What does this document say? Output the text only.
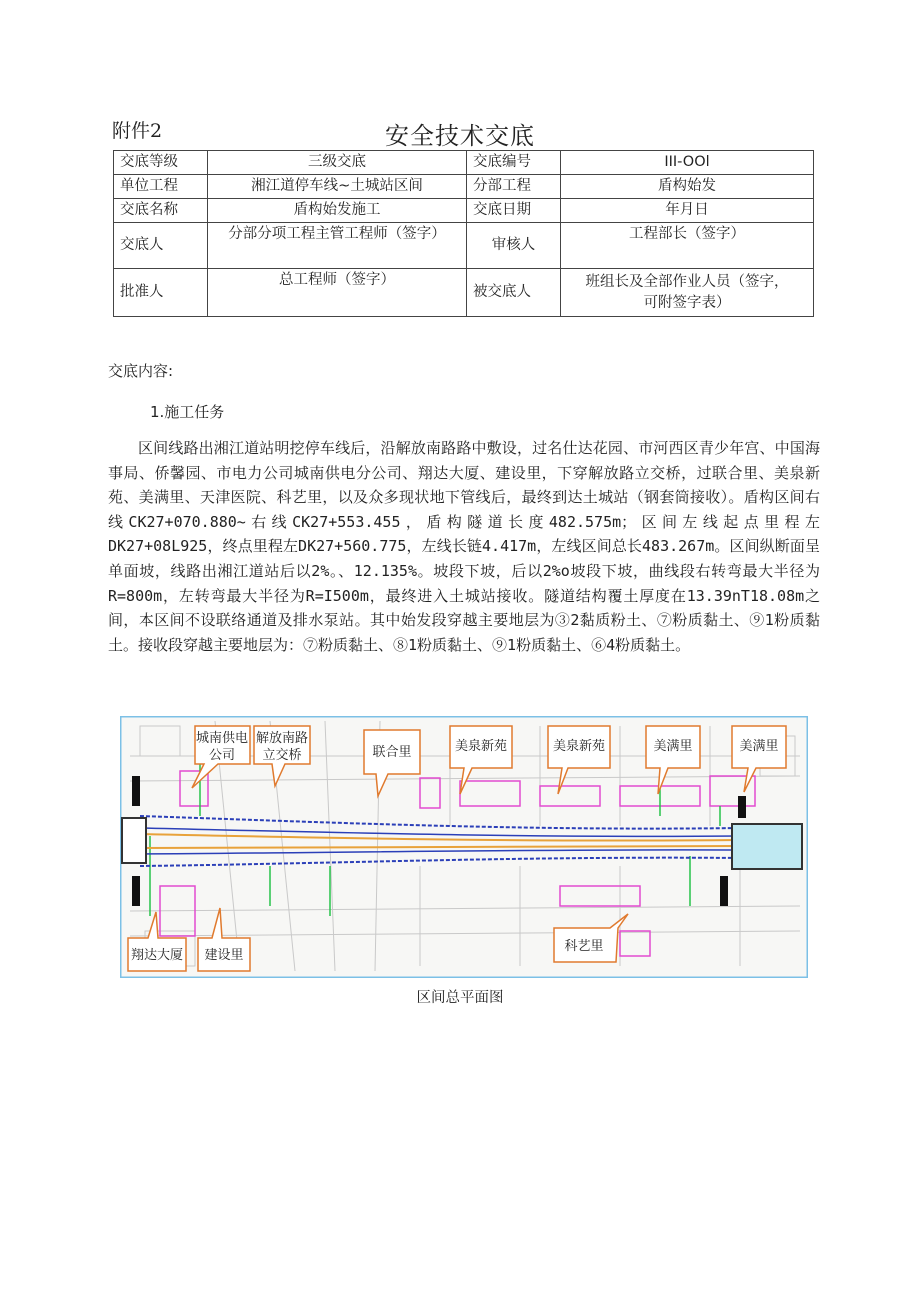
附件2	安全技术交底
交底等级	三级交底	交底编号	III-OOl
单位工程	湘江道停车线~土城站区间	分部工程	盾构始发
交底名称	盾构始发施工	交底日期	年月日
交底人	分部分项工程主管工程师（签字）	审核人	工程部长（签字）
批准人	总工程师（签字）	被交底人	班组长及全部作业人员（签字，
可附签字表）
交底内容:
1.施工任务

区间线路出湘江道站明挖停车线后，沿解放南路路中敷设，过名仕达花园、市河西区青少年宫、中国海事局、侨馨园、市电力公司城南供电分公司、翔达大厦、建设里，下穿解放路立交桥，过联合里、美泉新苑、美满里、天津医院、科艺里，以及众多现状地下管线后，最终到达土城站（钢套筒接收）。盾构区间右线CK27+070.880~右线CK27+553.455，盾构隧道长度482.575m；区间左线起点里程左DK27+08L925，终点里程左DK27+560.775，左线长链4.417m，左线区间总长483.267m。区间纵断面呈单面坡，线路出湘江道站后以2%。、12.135%。坡段下坡，后以2%o坡段下坡，曲线段右转弯最大半径为R=800m，左转弯最大半径为R=I500m，最终进入土城站接收。隧道结构覆土厚度在13.39nT18.08m之间，本区间不设联络通道及排水泵站。其中始发段穿越主要地层为③2黏质粉土、⑦粉质黏土、⑨1粉质黏土。接收段穿越主要地层为：⑦粉质黏土、⑧1粉质黏土、⑨1粉质黏土、⑥4粉质黏土。

城南供电
公司
解放南路
立交桥	联合里	美泉新苑	美泉新苑	美满里	美满里
翔达大厦 建设里
科艺里
区间总平面图
